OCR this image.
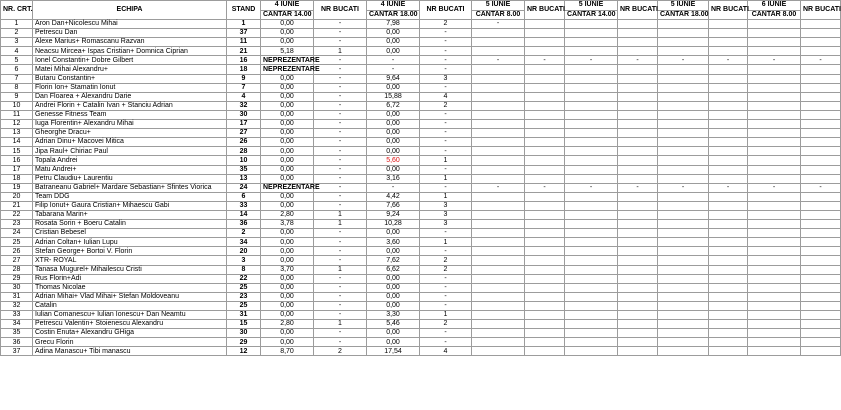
NR. CRT.	ECHIPA	STAND	4 IUNIE	NR BUCATI	4 IUNIE	NR BUCATI	5 IUNIE	NR BUCATI	5 IUNIE	NR BUCATI	5 IUNIE	NR BUCATI	6 IUNIE	NR BUCATI	
			CANTAR 14.00		CANTAR 18.00		CANTAR 8.00		CANTAR 14.00		CANTAR 18.00		CANTAR 8.00		
1	Aron Dan+Nicolescu Mihai	1	0,00	-	7,98	2	-										
2	Petrescu Dan	37	0,00	-	0,00	-											
3	Alexe Marius+ Romascanu Razvan	11	0,00	-	0,00	-											
4	Neacsu Mircea+ Ispas Cristian+ Domnica Ciprian	21	5,18	1	0,00	-											
5	Ionel Constantin+ Dobre Gilbert	16	NEPREZENTARE	-	-	-	-	-	-	-	-	-	-	-			
6	Matei Mihai Alexandru+	18	NEPREZENTARE	-	-	-											
7	Butaru Constantin+	9	0,00	-	9,64	3											
8	Florin Ion+ Stamatin Ionut	7	0,00	-	0,00	-											
9	Dan Floarea + Alexandru Darie	4	0,00	-	15,88	4											
10	Andrei Florin + Catalin Ivan + Stanciu Adrian	32	0,00	-	6,72	2											
11	Genesse Fitness Team	30	0,00	-	0,00	-											
12	Iuga Florentin+ Alexandru Mihai	17	0,00	-	0,00	-											
13	Gheorghe Dracu+	27	0,00	-	0,00	-											
14	Adrian Dinu+ Macovei Mitica	26	0,00	-	0,00	-											
15	Jipa Raul+ Chiriac Paul	28	0,00	-	0,00	-											
16	Topala Andrei	10	0,00	-	5,60	1											
17	Matu Andrei+	35	0,00	-	0,00	-											
18	Petru Claudiu+ Laurentiu	13	0,00	-	3,16	1											
19	Batraneanu Gabriel+ Mardare Sebastian+ Sfintes Viorica	24	NEPREZENTARE	-	-	-	-	-	-	-	-	-	-	-			
20	Team DDG	6	0,00	-	4,42	1											
21	Filip Ionut+ Gaura Cristian+ Mihaescu Gabi	33	0,00	-	7,66	3											
22	Tabarana Marin+	14	2,80	1	9,24	3											
23	Rosata Sorin + Boeru Catalin	36	3,78	1	10,28	3											
24	Cristian Bebesel	2	0,00	-	0,00	-											
25	Adrian Coltan+ Iulian Lupu	34	0,00	-	3,60	1											
26	Stefan George+ Bortoi V. Florin	20	0,00	-	0,00	-											
27	XTR- ROYAL	3	0,00	-	7,62	2											
28	Tanasa Mugurel+ Mihailescu Cristi	8	3,70	1	6,62	2											
29	Rus Florin+Adi	22	0,00	-	0,00	-											
30	Thomas Nicolae	25	0,00	-	0,00	-											
31	Adrian Mihai+ Vlad Mihai+ Stefan Moldoveanu	23	0,00	-	0,00	-											
32	Catalin	25	0,00	-	0,00	-											
33	Iulian Comanescu+ Iulian Ionescu+ Dan Neamtu	31	0,00	-	3,30	1											
34	Petrescu Valentin+ Stoienescu Alexandru	15	2,80	1	5,46	2											
35	Costin Enuta+ Alexandru GHiga	30	0,00	-	0,00	-											
36	Grecu Florin	29	0,00	-	0,00	-											
37	Adina Manascu+ Tibi manascu	12	8,70	2	17,54	4											
